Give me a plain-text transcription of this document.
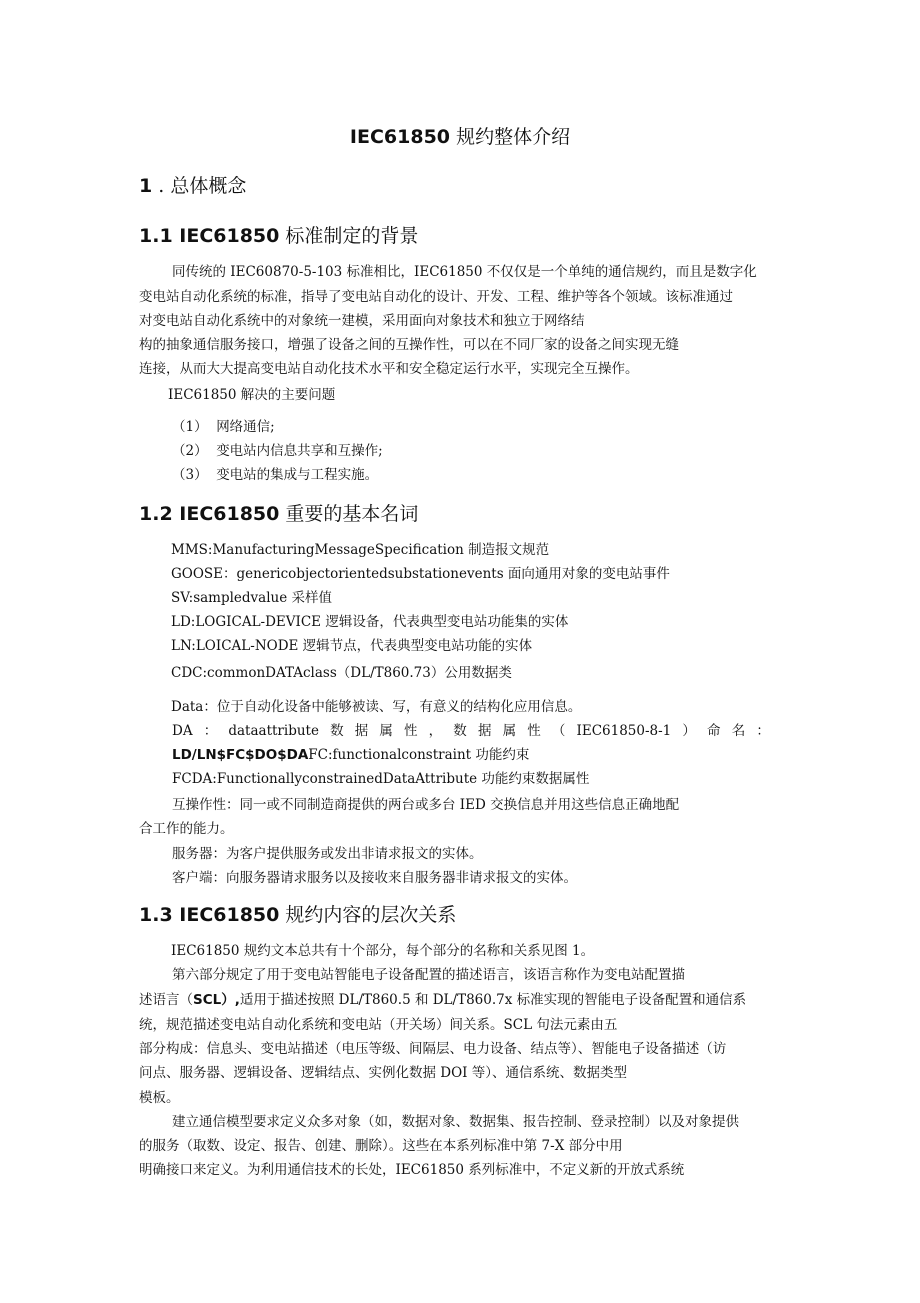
IEC61850 规约整体介绍
1 . 总体概念
1.1 IEC61850 标准制定的背景
同传统的 IEC60870-5-103 标准相比，IEC61850 不仅仅是一个单纯的通信规约，而且是数字化
变电站自动化系统的标准，指导了变电站自动化的设计、开发、工程、维护等各个领域。该标准通过
对变电站自动化系统中的对象统一建模，采用面向对象技术和独立于网络结
构的抽象通信服务接口，增强了设备之间的互操作性，可以在不同厂家的设备之间实现无缝
连接，从而大大提高变电站自动化技术水平和安全稳定运行水平，实现完全互操作。
IEC61850 解决的主要问题
（1） 网络通信;
（2） 变电站内信息共享和互操作;
（3） 变电站的集成与工程实施。
1.2 IEC61850 重要的基本名词
MMS:ManufacturingMessageSpecification 制造报文规范
GOOSE：genericobjectorientedsubstationevents 面向通用对象的变电站事件
SV:sampledvalue 采样值
LD:LOGICAL-DEVICE 逻辑设备，代表典型变电站功能集的实体
LN:LOICAL-NODE 逻辑节点，代表典型变电站功能的实体
CDC:commonDATAclass（DL/T860.73）公用数据类
Data：位于自动化设备中能够被读、写，有意义的结构化应用信息。
DA ： dataattribute 数 据 属 性 ， 数 据 属 性 （ IEC61850-8-1 ） 命 名 ：
LD/LN$FC$DO$DAFC:functionalconstraint 功能约束
FCDA:FunctionallyconstrainedDataAttribute 功能约束数据属性
互操作性：同一或不同制造商提供的两台或多台 IED 交换信息并用这些信息正确地配
合工作的能力。
服务器：为客户提供服务或发出非请求报文的实体。
客户端：向服务器请求服务以及接收来自服务器非请求报文的实体。
1.3 IEC61850 规约内容的层次关系
IEC61850 规约文本总共有十个部分，每个部分的名称和关系见图 1。
第六部分规定了用于变电站智能电子设备配置的描述语言，该语言称作为变电站配置描
述语言（SCL）,适用于描述按照 DL/T860.5 和 DL/T860.7x 标准实现的智能电子设备配置和通信系
统，规范描述变电站自动化系统和变电站（开关场）间关系。SCL 句法元素由五
部分构成：信息头、变电站描述（电压等级、间隔层、电力设备、结点等）、智能电子设备描述（访
问点、服务器、逻辑设备、逻辑结点、实例化数据 DOI 等）、通信系统、数据类型
模板。
建立通信模型要求定义众多对象（如，数据对象、数据集、报告控制、登录控制）以及对象提供
的服务（取数、设定、报告、创建、删除）。这些在本系列标准中第 7-X 部分中用
明确接口来定义。为利用通信技术的长处，IEC61850 系列标准中，不定义新的开放式系统
